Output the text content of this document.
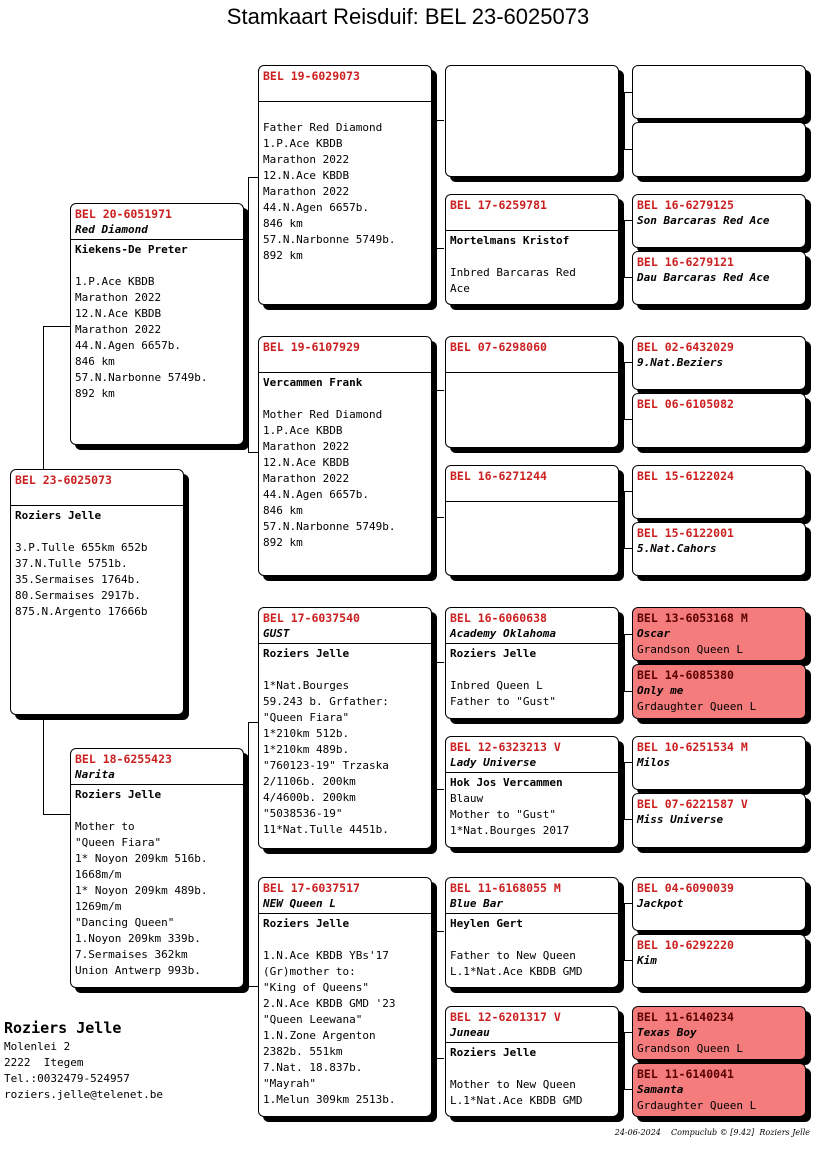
Stamkaart Reisduif: BEL 23-6025073
BEL 23-6025073
Roziers Jelle
3.P.Tulle 655km 652b
37.N.Tulle 5751b.
35.Sermaises 1764b.
80.Sermaises 2917b.
875.N.Argento 17666b
BEL 20-6051971
Red Diamond
Kiekens-De Preter
1.P.Ace KBDB
Marathon 2022
12.N.Ace KBDB
Marathon 2022
44.N.Agen 6657b.
846 km
57.N.Narbonne 5749b.
892 km
BEL 18-6255423
Narita
Roziers Jelle
Mother to
"Queen Fiara"
1* Noyon 209km 516b.
1668m/m
1* Noyon 209km 489b.
1269m/m
"Dancing Queen"
1.Noyon 209km 339b.
7.Sermaises 362km
Union Antwerp 993b.
BEL 19-6029073
Father Red Diamond
1.P.Ace KBDB
Marathon 2022
12.N.Ace KBDB
Marathon 2022
44.N.Agen 6657b.
846 km
57.N.Narbonne 5749b.
892 km
BEL 19-6107929
Vercammen Frank
Mother Red Diamond
1.P.Ace KBDB
Marathon 2022
12.N.Ace KBDB
Marathon 2022
44.N.Agen 6657b.
846 km
57.N.Narbonne 5749b.
892 km
BEL 17-6037540
GUST
Roziers Jelle
1*Nat.Bourges
59.243 b. Grfather:
"Queen Fiara"
1*210km 512b.
1*210km 489b.
"760123-19" Trzaska
2/1106b. 200km
4/4600b. 200km
"5038536-19"
11*Nat.Tulle 4451b.
BEL 17-6037517
NEW Queen L
Roziers Jelle
1.N.Ace KBDB YBs'17
(Gr)mother to:
"King of Queens"
2.N.Ace KBDB GMD '23
"Queen Leewana"
1.N.Zone Argenton
2382b. 551km
7.Nat. 18.837b.
"Mayrah"
1.Melun 309km 2513b.
BEL 17-6259781
Mortelmans Kristof
Inbred Barcaras Red
Ace
BEL 07-6298060
BEL 16-6271244
BEL 16-6060638
Academy Oklahoma
Roziers Jelle
Inbred Queen L
Father to "Gust"
BEL 12-6323213 V
Lady Universe
Hok Jos Vercammen
Blauw
Mother to "Gust"
1*Nat.Bourges 2017
BEL 11-6168055 M
Blue Bar
Heylen Gert
Father to New Queen
L.1*Nat.Ace KBDB GMD
BEL 12-6201317 V
Juneau
Roziers Jelle
Mother to New Queen
L.1*Nat.Ace KBDB GMD
BEL 16-6279125
Son Barcaras Red Ace
BEL 16-6279121
Dau Barcaras Red Ace
BEL 02-6432029
9.Nat.Beziers
BEL 06-6105082
BEL 15-6122024
BEL 15-6122001
5.Nat.Cahors
BEL 13-6053168 M
Oscar
Grandson Queen L
BEL 14-6085380
Only me
Grdaughter Queen L
BEL 10-6251534 M
Milos
BEL 07-6221587 V
Miss Universe
BEL 04-6090039
Jackpot
BEL 10-6292220
Kim
BEL 11-6140234
Texas Boy
Grandson Queen L
BEL 11-6140041
Samanta
Grdaughter Queen L
Roziers Jelle
Molenlei 2
2222  Itegem
Tel.:0032479-524957
roziers.jelle@telenet.be
24-06-2024    Compuclub © [9.42]  Roziers Jelle
